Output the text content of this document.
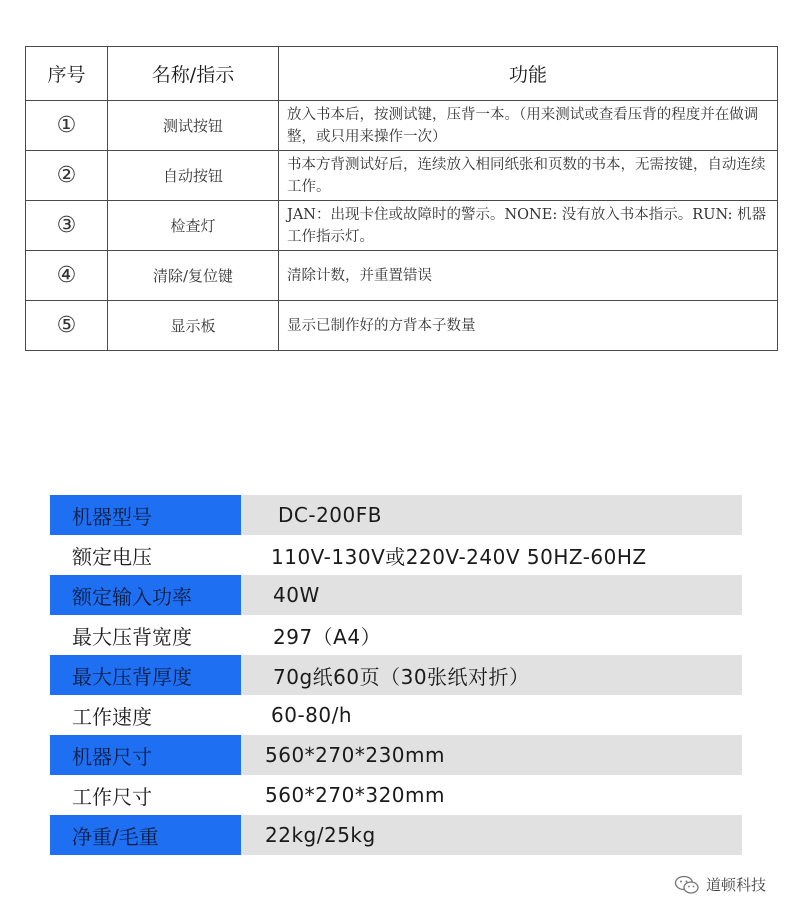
序号	名称/指示	功能
①	测试按钮	放入书本后，按测试键，压背一本。（用来测试或查看压背的程度并在做调整，或只用来操作一次）
②	自动按钮	书本方背测试好后，连续放入相同纸张和页数的书本，无需按键，自动连续工作。
③	检查灯	JAN：出现卡住或故障时的警示。NONE: 没有放入书本指示。RUN: 机器工作指示灯。
④	清除/复位键	清除计数，并重置错误
⑤	显示板	显示已制作好的方背本子数量
机器型号	DC-200FB
额定电压	110V-130V或220V-240V 50HZ-60HZ
额定输入功率	40W
最大压背宽度	297（A4）
最大压背厚度	70g纸60页（30张纸对折）
工作速度	60-80/h
机器尺寸	560*270*230mm
工作尺寸	560*270*320mm
净重/毛重	22kg/25kg
道顿科技
